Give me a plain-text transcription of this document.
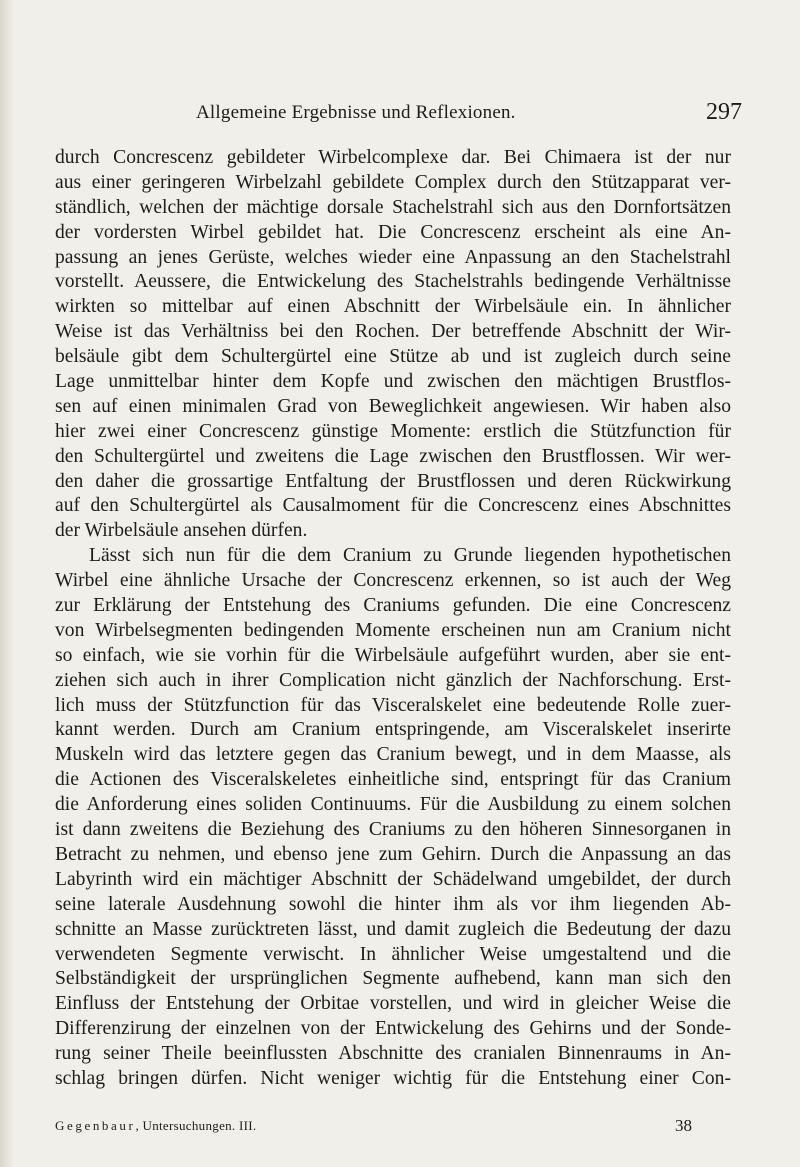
Allgemeine Ergebnisse und Reflexionen.	297
durch Concrescenz gebildeter Wirbelcomplexe dar. Bei Chimaera ist der nur
aus einer geringeren Wirbelzahl gebildete Complex durch den Stützapparat ver-
ständlich, welchen der mächtige dorsale Stachelstrahl sich aus den Dornfortsätzen
der vordersten Wirbel gebildet hat. Die Concrescenz erscheint als eine An-
passung an jenes Gerüste, welches wieder eine Anpassung an den Stachelstrahl
vorstellt. Aeussere, die Entwickelung des Stachelstrahls bedingende Verhältnisse
wirkten so mittelbar auf einen Abschnitt der Wirbelsäule ein. In ähnlicher
Weise ist das Verhältniss bei den Rochen. Der betreffende Abschnitt der Wir-
belsäule gibt dem Schultergürtel eine Stütze ab und ist zugleich durch seine
Lage unmittelbar hinter dem Kopfe und zwischen den mächtigen Brustflos-
sen auf einen minimalen Grad von Beweglichkeit angewiesen. Wir haben also
hier zwei einer Concrescenz günstige Momente: erstlich die Stützfunction für
den Schultergürtel und zweitens die Lage zwischen den Brustflossen. Wir wer-
den daher die grossartige Entfaltung der Brustflossen und deren Rückwirkung
auf den Schultergürtel als Causalmoment für die Concrescenz eines Abschnittes
der Wirbelsäule ansehen dürfen.
Lässt sich nun für die dem Cranium zu Grunde liegenden hypothetischen
Wirbel eine ähnliche Ursache der Concrescenz erkennen, so ist auch der Weg
zur Erklärung der Entstehung des Craniums gefunden. Die eine Concrescenz
von Wirbelsegmenten bedingenden Momente erscheinen nun am Cranium nicht
so einfach, wie sie vorhin für die Wirbelsäule aufgeführt wurden, aber sie ent-
ziehen sich auch in ihrer Complication nicht gänzlich der Nachforschung. Erst-
lich muss der Stützfunction für das Visceralskelet eine bedeutende Rolle zuer-
kannt werden. Durch am Cranium entspringende, am Visceralskelet inserirte
Muskeln wird das letztere gegen das Cranium bewegt, und in dem Maasse, als
die Actionen des Visceralskeletes einheitliche sind, entspringt für das Cranium
die Anforderung eines soliden Continuums. Für die Ausbildung zu einem solchen
ist dann zweitens die Beziehung des Craniums zu den höheren Sinnesorganen in
Betracht zu nehmen, und ebenso jene zum Gehirn. Durch die Anpassung an das
Labyrinth wird ein mächtiger Abschnitt der Schädelwand umgebildet, der durch
seine laterale Ausdehnung sowohl die hinter ihm als vor ihm liegenden Ab-
schnitte an Masse zurücktreten lässt, und damit zugleich die Bedeutung der dazu
verwendeten Segmente verwischt. In ähnlicher Weise umgestaltend und die
Selbständigkeit der ursprünglichen Segmente aufhebend, kann man sich den
Einfluss der Entstehung der Orbitae vorstellen, und wird in gleicher Weise die
Differenzirung der einzelnen von der Entwickelung des Gehirns und der Sonde-
rung seiner Theile beeinflussten Abschnitte des cranialen Binnenraums in An-
schlag bringen dürfen. Nicht weniger wichtig für die Entstehung einer Con-
Gegenbaur, Untersuchungen. III.	38
